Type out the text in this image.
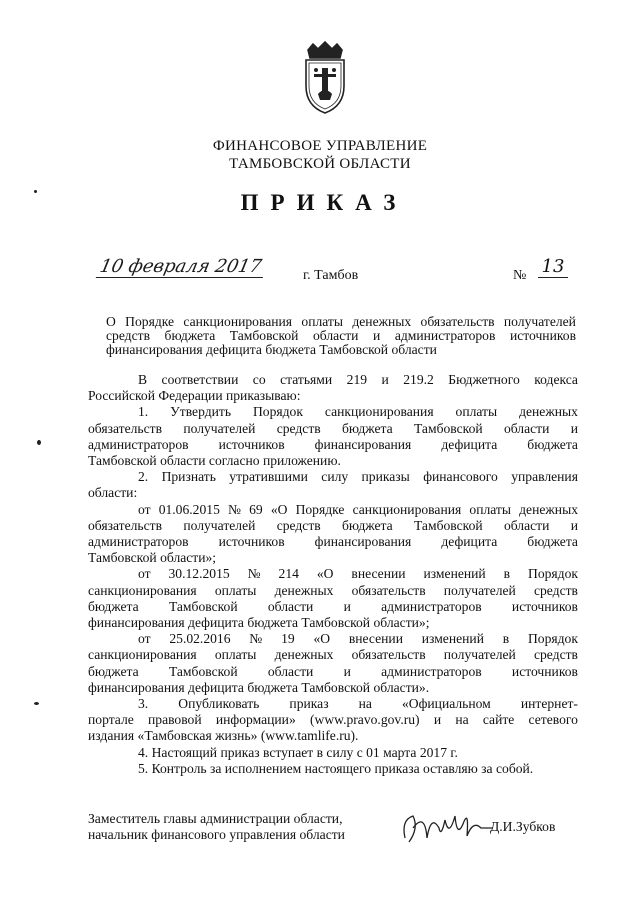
ФИНАНСОВОЕ УПРАВЛЕНИЕ
ТАМБОВСКОЙ ОБЛАСТИ
ПРИКАЗ
10 февраля 2017	г. Тамбов	№ 13
О Порядке санкционирования оплаты денежных обязательств получателей
средств бюджета Тамбовской области и администраторов источников
финансирования дефицита бюджета Тамбовской области
В соответствии со статьями 219 и 219.2 Бюджетного кодекса
Российской Федерации приказываю:
1. Утвердить Порядок санкционирования оплаты денежных
обязательств получателей средств бюджета Тамбовской области и
администраторов источников финансирования дефицита бюджета
Тамбовской области согласно приложению.
2. Признать утратившими силу приказы финансового управления
области:
от 01.06.2015 № 69 «О Порядке санкционирования оплаты денежных
обязательств получателей средств бюджета Тамбовской области и
администраторов источников финансирования дефицита бюджета
Тамбовской области»;
от 30.12.2015 № 214 «О внесении изменений в Порядок
санкционирования оплаты денежных обязательств получателей средств
бюджета Тамбовской области и администраторов источников
финансирования дефицита бюджета Тамбовской области»;
от 25.02.2016 № 19 «О внесении изменений в Порядок
санкционирования оплаты денежных обязательств получателей средств
бюджета Тамбовской области и администраторов источников
финансирования дефицита бюджета Тамбовской области».
3. Опубликовать приказ на «Официальном интернет-
портале правовой информации» (www.pravo.gov.ru) и на сайте сетевого
издания «Тамбовская жизнь» (www.tamlife.ru).
4. Настоящий приказ вступает в силу с 01 марта 2017 г.
5. Контроль за исполнением настоящего приказа оставляю за собой.
Заместитель главы администрации области,
начальник финансового управления области
Д.И.Зубков
